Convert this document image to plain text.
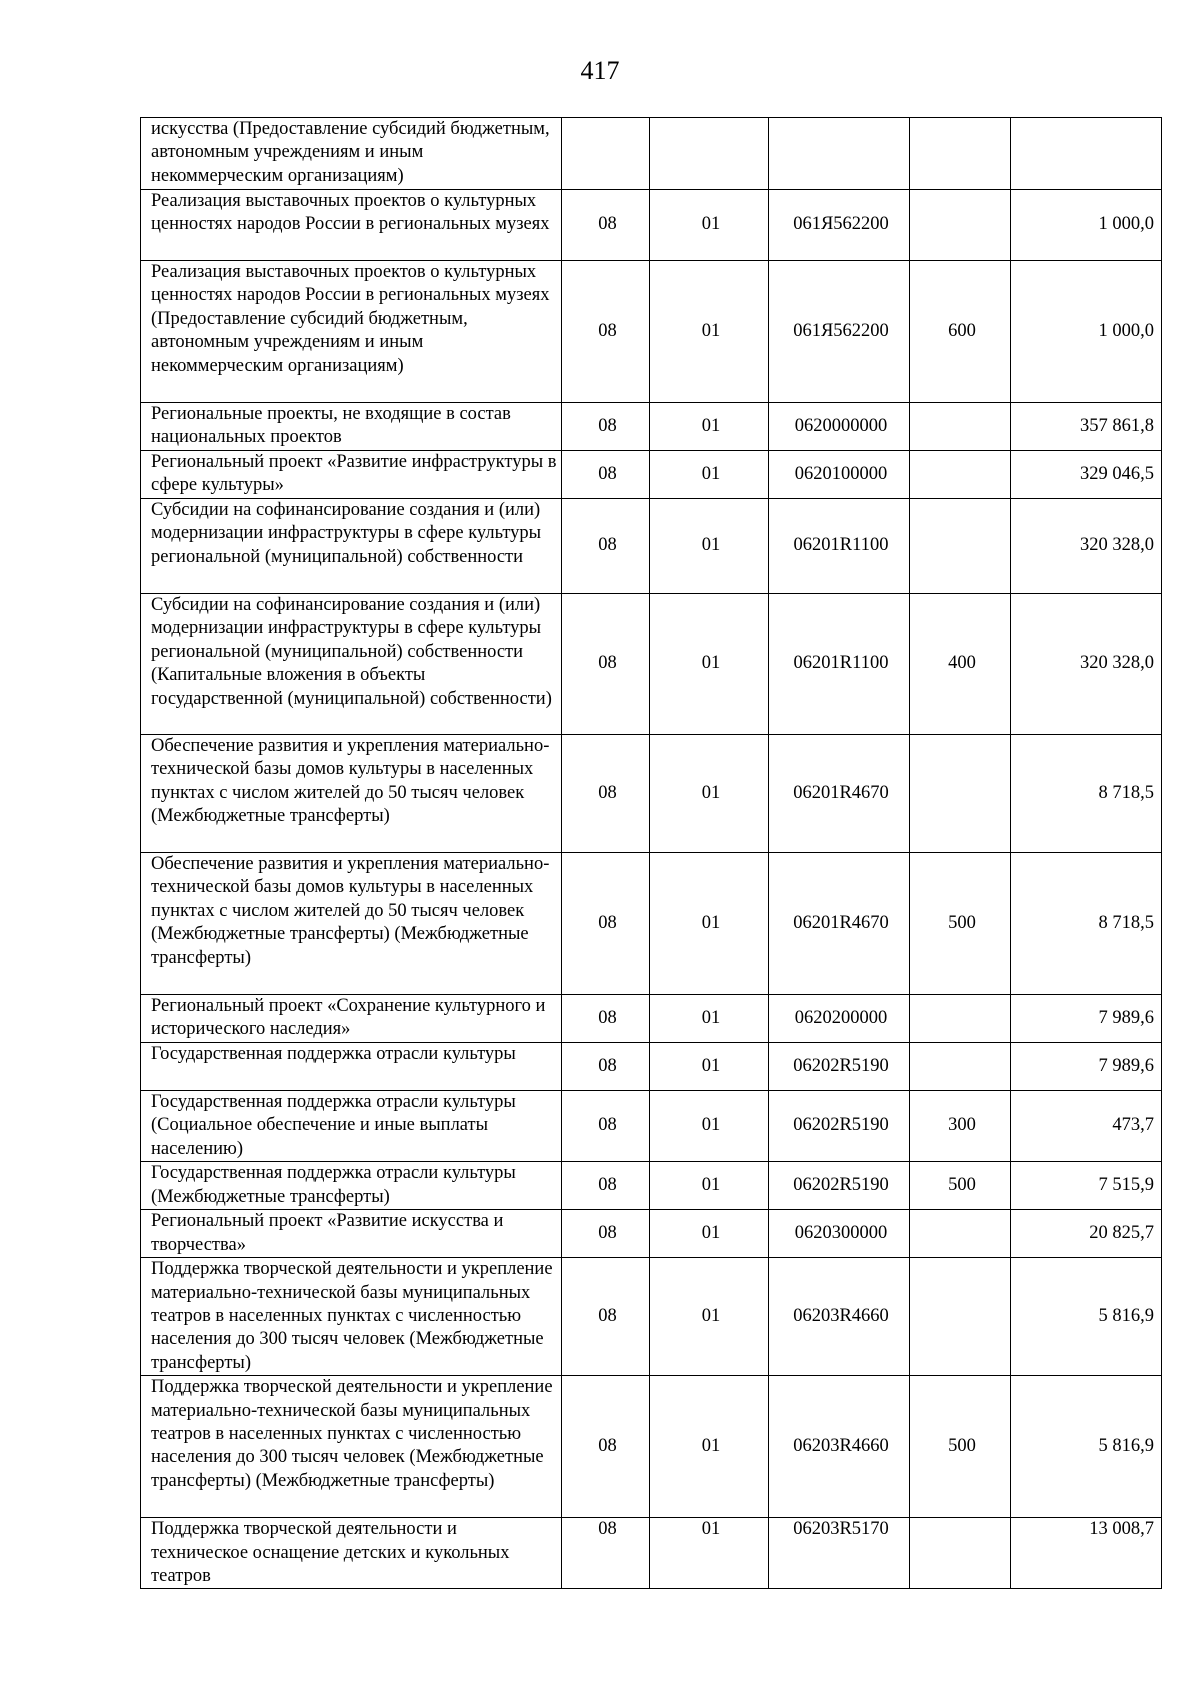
417
искусства (Предоставление субсидий бюджетным, автономным учреждениям и иным некоммерческим организациям)					
Реализация выставочных проектов о культурных ценностях народов России в региональных музеях	08	01	061Я562200		1 000,0
Реализация выставочных проектов о культурных ценностях народов России в региональных музеях (Предоставление субсидий бюджетным, автономным учреждениям и иным некоммерческим организациям)	08	01	061Я562200	600	1 000,0
Региональные проекты, не входящие в состав национальных проектов	08	01	0620000000		357 861,8
Региональный проект «Развитие инфраструктуры в сфере культуры»	08	01	0620100000		329 046,5
Субсидии на софинансирование создания и (или) модернизации инфраструктуры в сфере культуры региональной (муниципальной) собственности	08	01	06201R1100		320 328,0
Субсидии на софинансирование создания и (или) модернизации инфраструктуры в сфере культуры региональной (муниципальной) собственности (Капитальные вложения в объекты государственной (муниципальной) собственности)	08	01	06201R1100	400	320 328,0
Обеспечение развития и укрепления материально-технической базы домов культуры в населенных пунктах с числом жителей до 50 тысяч человек (Межбюджетные трансферты)	08	01	06201R4670		8 718,5
Обеспечение развития и укрепления материально-технической базы домов культуры в населенных пунктах с числом жителей до 50 тысяч человек (Межбюджетные трансферты) (Межбюджетные трансферты)	08	01	06201R4670	500	8 718,5
Региональный проект «Сохранение культурного и исторического наследия»	08	01	0620200000		7 989,6
Государственная поддержка отрасли культуры	08	01	06202R5190		7 989,6
Государственная поддержка отрасли культуры (Социальное обеспечение и иные выплаты населению)	08	01	06202R5190	300	473,7
Государственная поддержка отрасли культуры (Межбюджетные трансферты)	08	01	06202R5190	500	7 515,9
Региональный проект «Развитие искусства и творчества»	08	01	0620300000		20 825,7
Поддержка творческой деятельности и укрепление материально-технической базы муниципальных театров в населенных пунктах с численностью населения до 300 тысяч человек (Межбюджетные трансферты)	08	01	06203R4660		5 816,9
Поддержка творческой деятельности и укрепление материально-технической базы муниципальных театров в населенных пунктах с численностью населения до 300 тысяч человек (Межбюджетные трансферты) (Межбюджетные трансферты)	08	01	06203R4660	500	5 816,9
Поддержка творческой деятельности и техническое оснащение детских и кукольных театров	08	01	06203R5170		13 008,7
